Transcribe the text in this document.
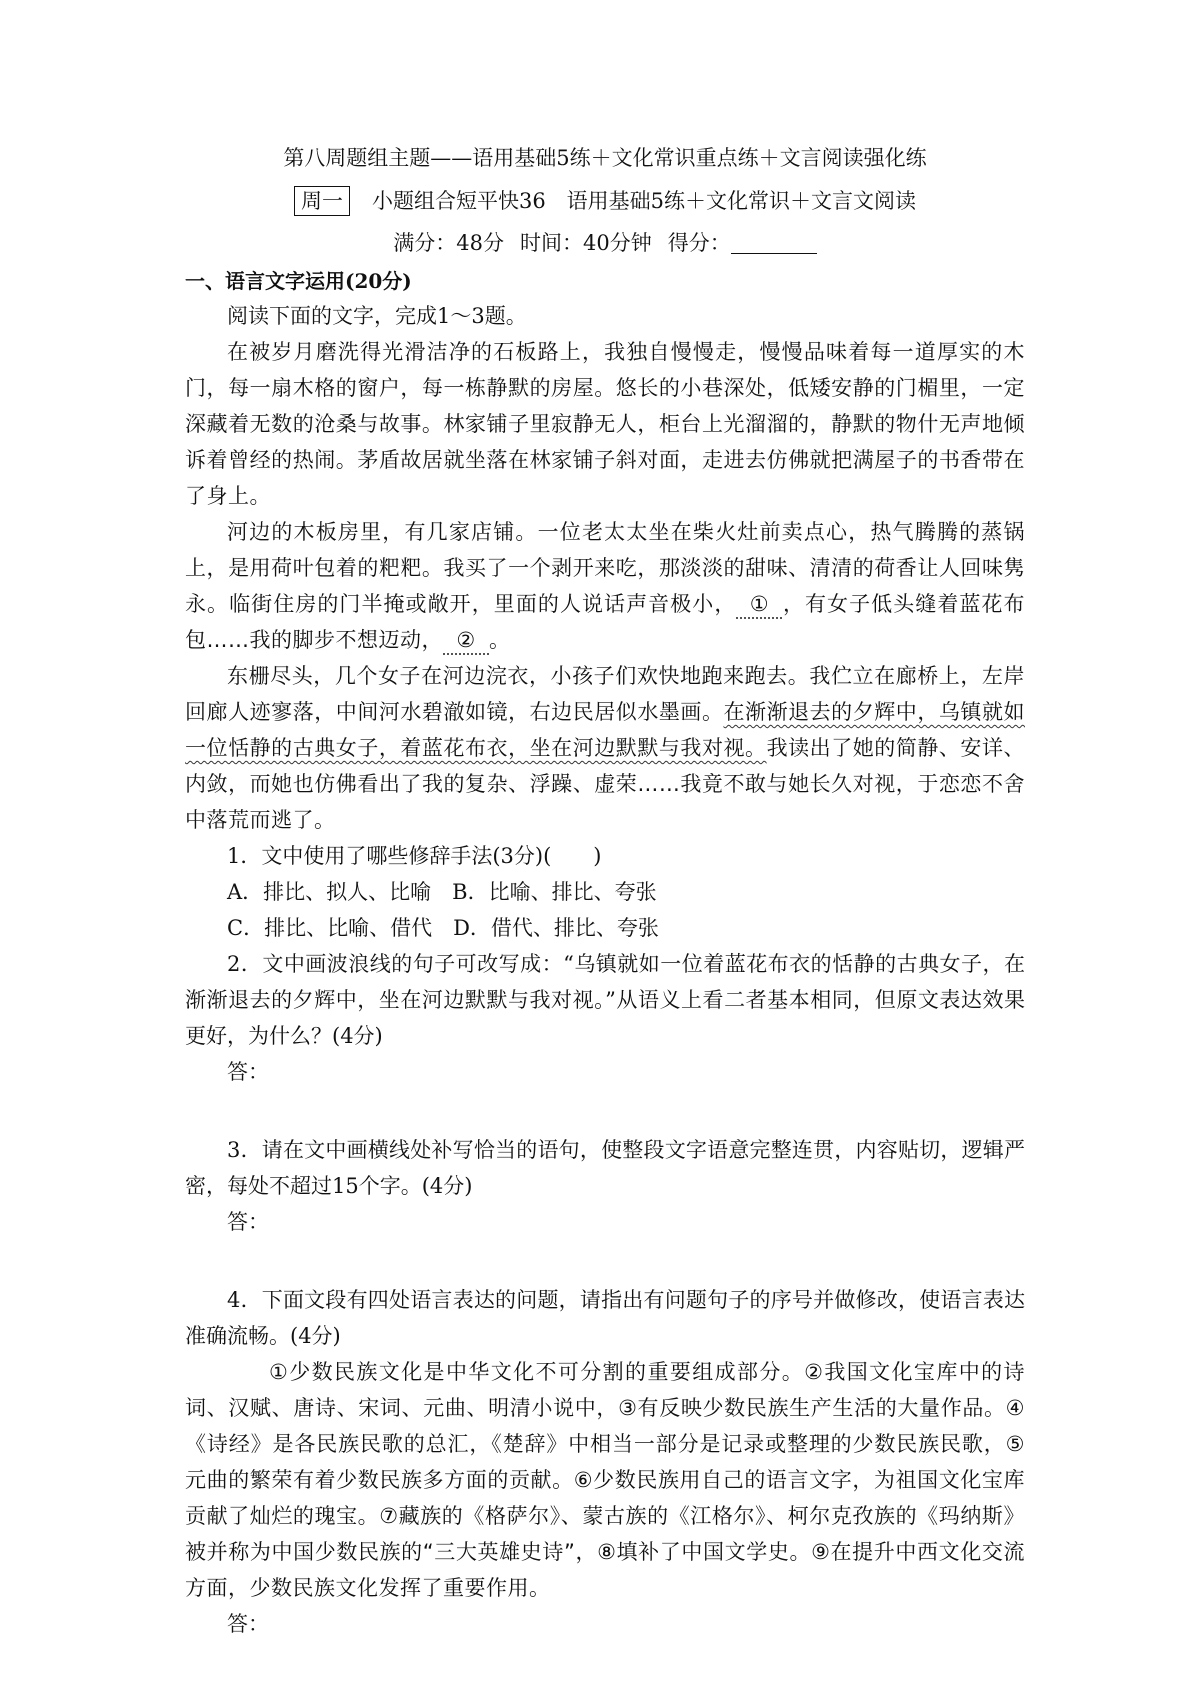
第八周题组主题——语用基础5练＋文化常识重点练＋文言阅读强化练
周一 小题组合短平快36　语用基础5练＋文化常识＋文言文阅读
满分：48分 时间：40分钟 得分：
一、语言文字运用(20分)

阅读下面的文字，完成1～3题。

在被岁月磨洗得光滑洁净的石板路上，我独自慢慢走，慢慢品味着每一道厚实的木门，每一扇木格的窗户，每一栋静默的房屋。悠长的小巷深处，低矮安静的门楣里，一定深藏着无数的沧桑与故事。林家铺子里寂静无人，柜台上光溜溜的，静默的物什无声地倾诉着曾经的热闹。茅盾故居就坐落在林家铺子斜对面，走进去仿佛就把满屋子的书香带在了身上。

河边的木板房里，有几家店铺。一位老太太坐在柴火灶前卖点心，热气腾腾的蒸锅上，是用荷叶包着的粑粑。我买了一个剥开来吃，那淡淡的甜味、清清的荷香让人回味隽永。临街住房的门半掩或敞开，里面的人说话声音极小， ① ，有女子低头缝着蓝花布包……我的脚步不想迈动， ② 。

东栅尽头，几个女子在河边浣衣，小孩子们欢快地跑来跑去。我伫立在廊桥上，左岸回廊人迹寥落，中间河水碧澈如镜，右边民居似水墨画。在渐渐退去的夕辉中，乌镇就如一位恬静的古典女子，着蓝花布衣，坐在河边默默与我对视。我读出了她的简静、安详、内敛，而她也仿佛看出了我的复杂、浮躁、虚荣……我竟不敢与她长久对视，于恋恋不舍中落荒而逃了。

1．文中使用了哪些修辞手法(3分)(　　)

A．排比、拟人、比喻　B．比喻、排比、夸张

C．排比、比喻、借代　D．借代、排比、夸张

2．文中画波浪线的句子可改写成：“乌镇就如一位着蓝花布衣的恬静的古典女子，在渐渐退去的夕辉中，坐在河边默默与我对视。”从语义上看二者基本相同，但原文表达效果更好，为什么？(4分)

答：

3．请在文中画横线处补写恰当的语句，使整段文字语意完整连贯，内容贴切，逻辑严密，每处不超过15个字。(4分)

答：

4．下面文段有四处语言表达的问题，请指出有问题句子的序号并做修改，使语言表达准确流畅。(4分)

①少数民族文化是中华文化不可分割的重要组成部分。②我国文化宝库中的诗词、汉赋、唐诗、宋词、元曲、明清小说中，③有反映少数民族生产生活的大量作品。④《诗经》是各民族民歌的总汇，《楚辞》中相当一部分是记录或整理的少数民族民歌，⑤元曲的繁荣有着少数民族多方面的贡献。⑥少数民族用自己的语言文字，为祖国文化宝库贡献了灿烂的瑰宝。⑦藏族的《格萨尔》、蒙古族的《江格尔》、柯尔克孜族的《玛纳斯》被并称为中国少数民族的“三大英雄史诗”，⑧填补了中国文学史。⑨在提升中西文化交流方面，少数民族文化发挥了重要作用。

答：
